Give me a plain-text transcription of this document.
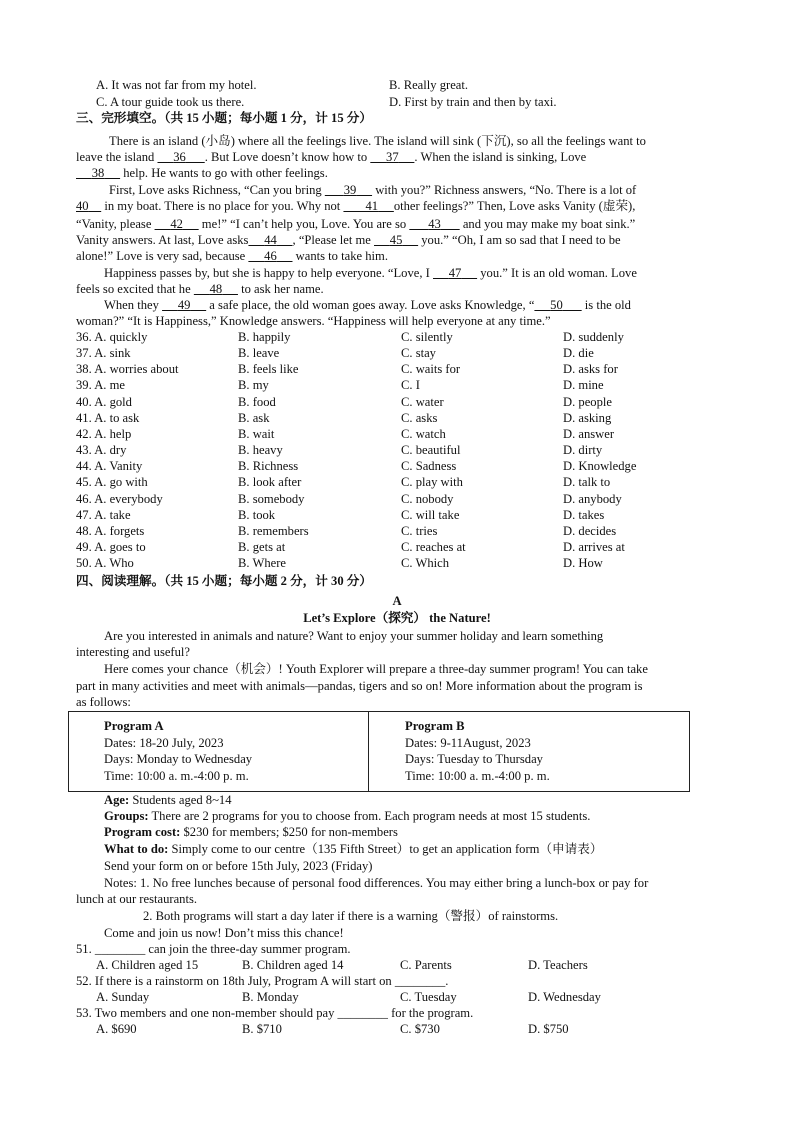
A. It was not far from my hotel.	B. Really great.
C. A tour guide took us there.	D. First by train and then by taxi.
三、完形填空。（共 15 小题；每小题 1 分，计 15 分）
There is an island (小岛) where all the feelings live. The island will sink (下沉), so all the feelings want to
leave the island      36 . But Love doesn’t know how to      37 . When the island is sinking, Love
38      help. He wants to go with other feelings.
First, Love asks Richness, “Can you bring       39      with you?” Richness answers, “No. There is a lot of
40     in my boat. There is no place for you. Why not        41 other feelings?” Then, Love asks Vanity (虚荣),
“Vanity, please      42      me!” “I can’t help you, Love. You are so       43       and you may make my boat sink.”
Vanity answers. At last, Love asks 44 , “Please let me      45      you.” “Oh, I am so sad that I need to be
alone!” Love is very sad, because      46      wants to take him.
Happiness passes by, but she is happy to help everyone. “Love, I      47      you.” It is an old woman. Love
feels so excited that he      48      to ask her name.
When they      49      a safe place, the old woman goes away. Love asks Knowledge, “ 50       is the old
woman?” “It is Happiness,” Knowledge answers. “Happiness will help everyone at any time.”
36. A. quickly	B. happily	C. silently	D. suddenly
37. A. sink	B. leave	C. stay	D. die
38. A. worries about	B. feels like	C. waits for	D. asks for
39. A. me	B. my	C. I	D. mine
40. A. gold	B. food	C. water	D. people
41. A. to ask	B. ask	C. asks	D. asking
42. A. help	B. wait	C. watch	D. answer
43. A. dry	B. heavy	C. beautiful	D. dirty
44. A. Vanity	B. Richness	C. Sadness	D. Knowledge
45. A. go with	B. look after	C. play with	D. talk to
46. A. everybody	B. somebody	C. nobody	D. anybody
47. A. take	B. took	C. will take	D. takes
48. A. forgets	B. remembers	C. tries	D. decides
49. A. goes to	B. gets at	C. reaches at	D. arrives at
50. A. Who	B. Where	C. Which	D. How
四、阅读理解。（共 15 小题；每小题 2 分，计 30 分）
A
Let’s Explore（探究） the Nature!
Are you interested in animals and nature? Want to enjoy your summer holiday and learn something
interesting and useful?
Here comes your chance（机会）! Youth Explorer will prepare a three-day summer program! You can take
part in many activities and meet with animals—pandas, tigers and so on! More information about the program is
as follows:
Program A
Dates: 18-20 July, 2023
Days: Monday to Wednesday
Time: 10:00 a. m.-4:00 p. m.
Program B
Dates: 9-11August, 2023
Days: Tuesday to Thursday
Time: 10:00 a. m.-4:00 p. m.
Age: Students aged 8~14
Groups: There are 2 programs for you to choose from. Each program needs at most 15 students.
Program cost: $230 for members; $250 for non-members
What to do: Simply come to our centre（135 Fifth Street）to get an application form（申请表）
Send your form on or before 15th July, 2023 (Friday)
Notes: 1. No free lunches because of personal food differences. You may either bring a lunch-box or pay for
lunch at our restaurants.
2. Both programs will start a day later if there is a warning（警报）of rainstorms.
Come and join us now! Don’t miss this chance!
51. ________ can join the three-day summer program.
A. Children aged 15	B. Children aged 14	C. Parents	D. Teachers
52. If there is a rainstorm on 18th July, Program A will start on ________.
A. Sunday	B. Monday	C. Tuesday	D. Wednesday
53. Two members and one non-member should pay ________ for the program.
A. $690	B. $710	C. $730	D. $750
